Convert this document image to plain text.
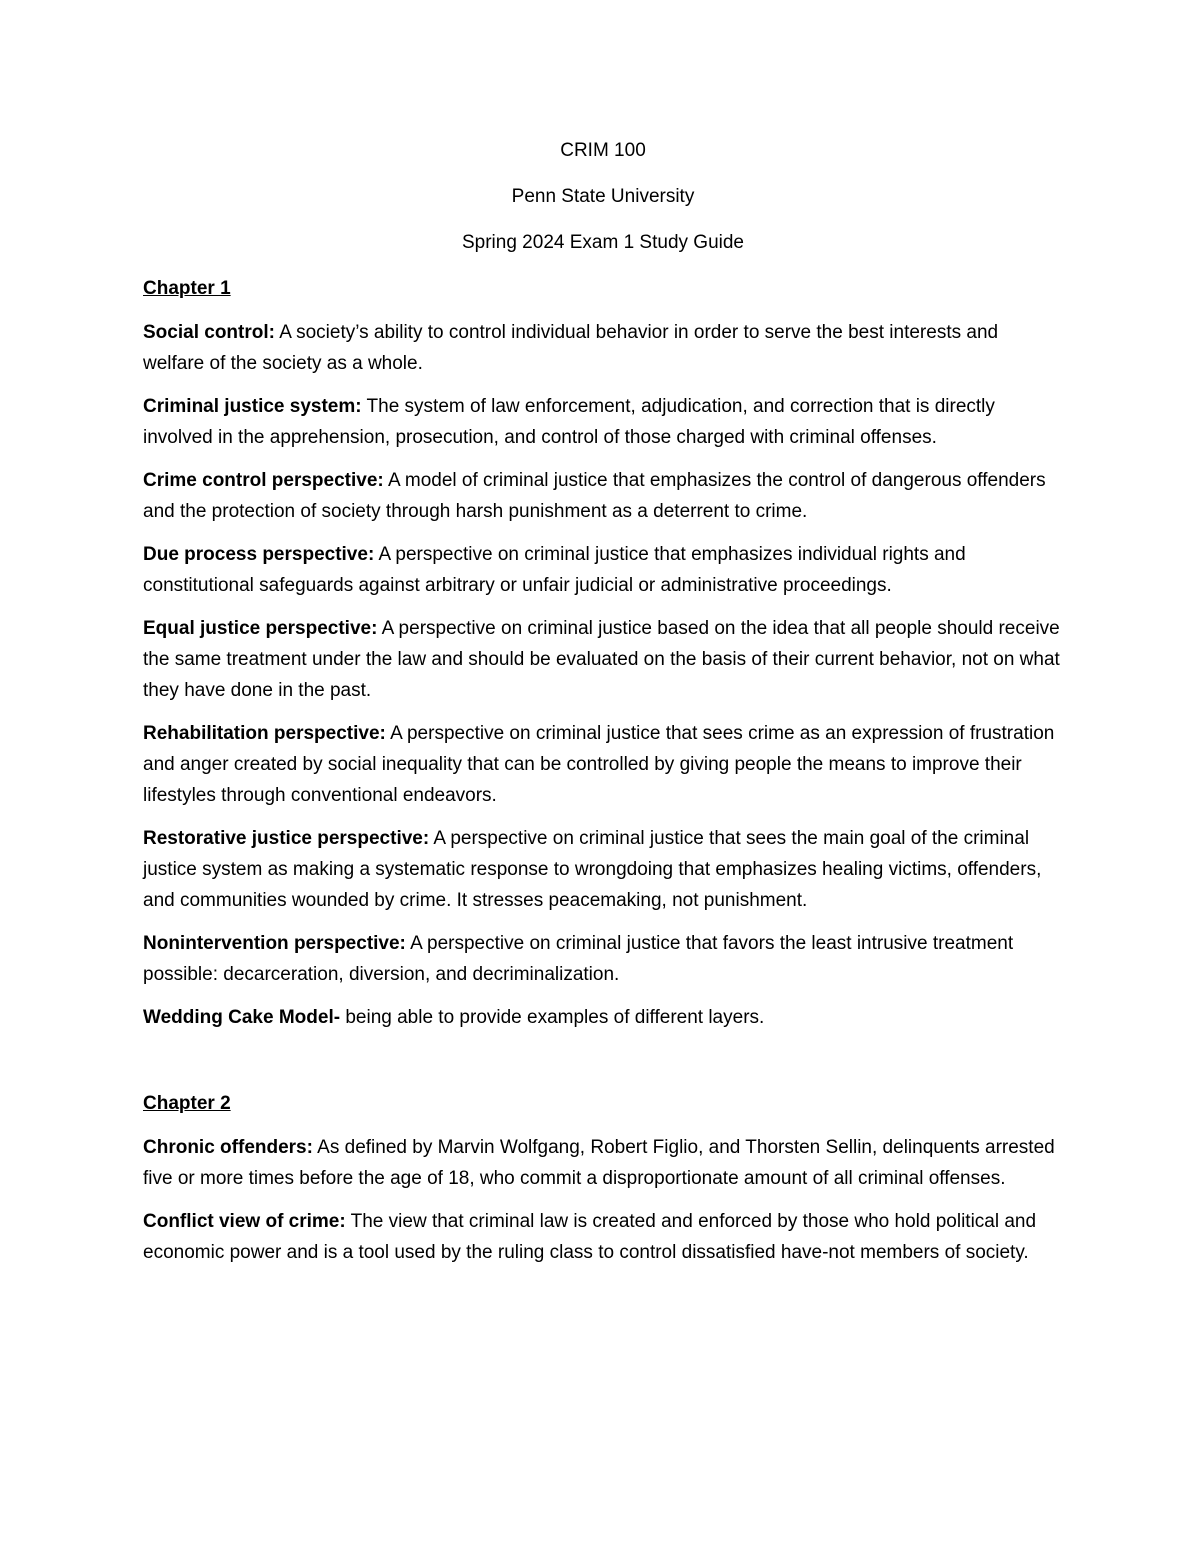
CRIM 100

Penn State University

Spring 2024 Exam 1 Study Guide

Chapter 1

Social control: A society’s ability to control individual behavior in order to serve the best interests and welfare of the society as a whole.

Criminal justice system: The system of law enforcement, adjudication, and correction that is directly involved in the apprehension, prosecution, and control of those charged with criminal offenses.

Crime control perspective: A model of criminal justice that emphasizes the control of dangerous offenders and the protection of society through harsh punishment as a deterrent to crime.

Due process perspective: A perspective on criminal justice that emphasizes individual rights and constitutional safeguards against arbitrary or unfair judicial or administrative proceedings.

Equal justice perspective: A perspective on criminal justice based on the idea that all people should receive the same treatment under the law and should be evaluated on the basis of their current behavior, not on what they have done in the past.

Rehabilitation perspective: A perspective on criminal justice that sees crime as an expression of frustration and anger created by social inequality that can be controlled by giving people the means to improve their lifestyles through conventional endeavors.

Restorative justice perspective: A perspective on criminal justice that sees the main goal of the criminal justice system as making a systematic response to wrongdoing that emphasizes healing victims, offenders, and communities wounded by crime. It stresses peacemaking, not punishment.

Nonintervention perspective: A perspective on criminal justice that favors the least intrusive treatment possible: decarceration, diversion, and decriminalization.

Wedding Cake Model- being able to provide examples of different layers.

Chapter 2

Chronic offenders: As defined by Marvin Wolfgang, Robert Figlio, and Thorsten Sellin, delinquents arrested five or more times before the age of 18, who commit a disproportionate amount of all criminal offenses.

Conflict view of crime: The view that criminal law is created and enforced by those who hold political and economic power and is a tool used by the ruling class to control dissatisfied have-not members of society.
